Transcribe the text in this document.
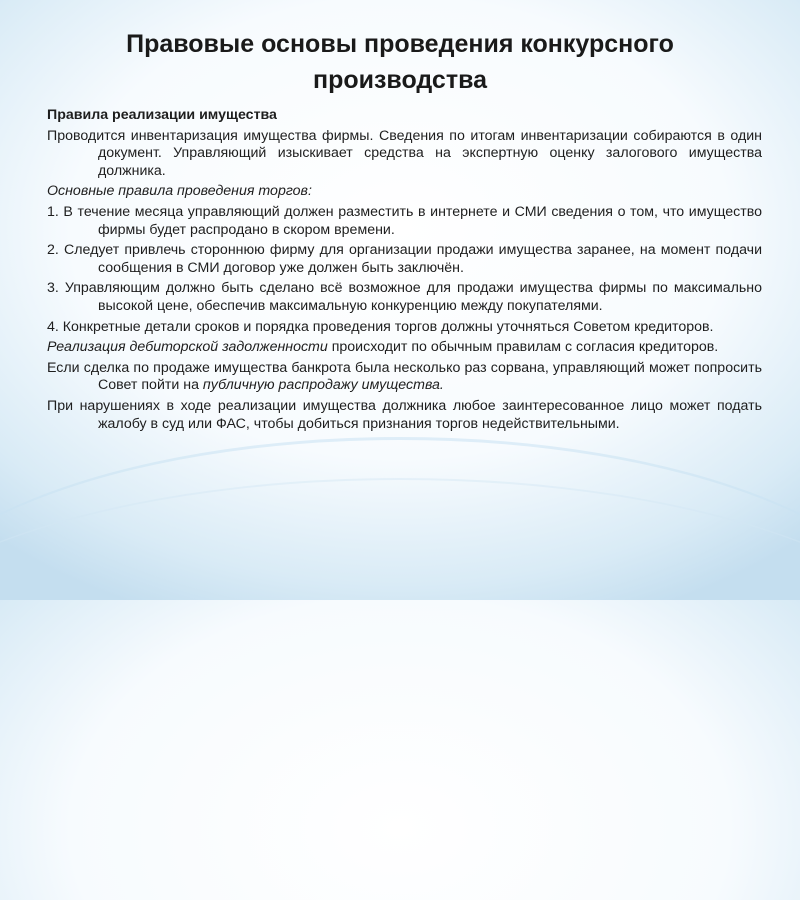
Правовые основы проведения конкурсного
производства

Правила реализации имущества

Проводится инвентаризация имущества фирмы. Сведения по итогам инвентаризации собираются в один документ. Управляющий изыскивает средства на экспертную оценку залогового имущества должника.

Основные правила проведения торгов:

1. В течение месяца управляющий должен разместить в интернете и СМИ сведения о том, что имущество фирмы будет распродано в скором времени.

2. Следует привлечь стороннюю фирму для организации продажи имущества заранее, на момент подачи сообщения в СМИ договор уже должен быть заключён.

3. Управляющим должно быть сделано всё возможное для продажи имущества фирмы по максимально высокой цене, обеспечив максимальную конкуренцию между покупателями.

4. Конкретные детали сроков и порядка проведения торгов должны уточняться Советом кредиторов.

Реализация дебиторской задолженности происходит по обычным правилам с согласия кредиторов.

Если сделка по продаже имущества банкрота была несколько раз сорвана, управляющий может попросить Совет пойти на публичную распродажу имущества.

При нарушениях в ходе реализации имущества должника любое заинтересованное лицо может подать жалобу в суд или ФАС, чтобы добиться признания торгов недействительными.
